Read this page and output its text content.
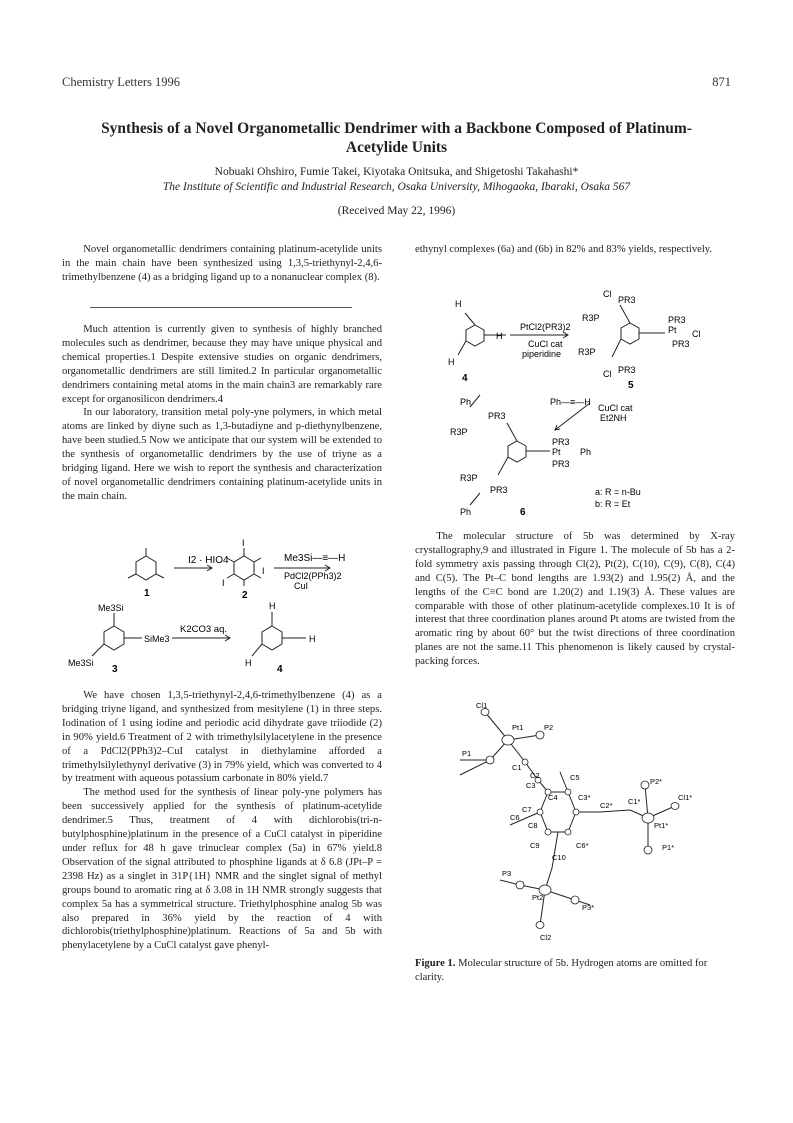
Chemistry Letters 1996	871
Synthesis of a Novel Organometallic Dendrimer with a Backbone Composed of Platinum-Acetylide Units
Nobuaki Ohshiro, Fumie Takei, Kiyotaka Onitsuka, and Shigetoshi Takahashi*
The Institute of Scientific and Industrial Research, Osaka University, Mihogaoka, Ibaraki, Osaka 567
(Received May 22, 1996)

Novel organometallic dendrimers containing platinum-acetylide units in the main chain have been synthesized using 1,3,5-triethynyl-2,4,6-trimethylbenzene (4) as a bridging ligand up to a nonanuclear complex (8).

Much attention is currently given to synthesis of highly branched molecules such as dendrimer, because they may have unique physical and chemical properties.1 Despite extensive studies on organic dendrimers, organometallic dendrimers are still limited.2 In particular organometallic dendrimers containing metal atoms in the main chain3 are remarkably rare except for organosilicon dendrimers.4

In our laboratory, transition metal poly-yne polymers, in which metal atoms are linked by diyne such as 1,3-butadiyne and p-diethynylbenzene, have been studied.5 Now we anticipate that our system will be extended to the synthesis of organometallic dendrimers by the use of triyne as a bridging ligand. Here we wish to report the synthesis and characterization of novel organometallic dendrimers containing platinum-acetylide units in the main chain.

I2 · HIO4	Me3Si—≡—H
PdCl2(PPh3)2
CuI
I
I
I
1	2
Me3Si
SiMe3
Me3Si
K2CO3 aq.
3
H
H
H
4

We have chosen 1,3,5-triethynyl-2,4,6-trimethylbenzene (4) as a bridging triyne ligand, and synthesized from mesitylene (1) in three steps. Iodination of 1 using iodine and periodic acid dihydrate gave triiodide (2) in 90% yield.6 Treatment of 2 with trimethylsilylacetylene in the presence of a PdCl2(PPh3)2–CuI catalyst in diethylamine afforded a trimethylsilylethynyl derivative (3) in 79% yield, which was converted to 4 by treatment with aqueous potassium carbonate in 80% yield.7

The method used for the synthesis of linear poly-yne polymers has been successively applied for the synthesis of platinum-acetylide dendrimer.5 Thus, treatment of 4 with dichlorobis(tri-n-butylphosphine)platinum in the presence of a CuCl catalyst in piperidine under reflux for 48 h gave trinuclear complex (5a) in 67% yield.8 Observation of the signal attributed to phosphine ligands at δ 6.8 (JPt–P = 2398 Hz) as a singlet in 31P{1H} NMR and the singlet signal of methyl groups bound to aromatic ring at δ 3.08 in 1H NMR strongly suggests that complex 5a has a symmetrical structure. Triethylphosphine analog 5b was also prepared in 36% yield by the reaction of 4 with dichlorobis(triethylphosphine)platinum. Reactions of 5a and 5b with phenylacetylene by a CuCl catalyst gave phenyl-

ethynyl complexes (6a) and (6b) in 82% and 83% yields, respectively.

H
H
H
PtCl2(PR3)2
CuCl cat
piperidine
4
Cl
PR3
R3P
Pt Cl
PR3
PR3
R3P
Cl PR3
5
Ph—≡—H
CuCl cat
Et2NH
Ph
PR3
R3P
PR3
Pt Ph
PR3
R3P
PR3
Ph	6
a: R = n-Bu
b: R = Et

The molecular structure of 5b was determined by X-ray crystallography,9 and illustrated in Figure 1. The molecule of 5b has a 2-fold symmetry axis passing through Cl(2), Pt(2), C(10), C(9), C(8), C(4) and C(5). The Pt–C bond lengths are 1.93(2) and 1.95(2) Å, and the lengths of the C≡C bond are 1.20(2) and 1.19(3) Å. These values are comparable with those of other platinum-acetylide complexes.10 It is of interest that three coordination planes around Pt atoms are twisted from the aromatic ring by about 60° but the twist directions of three coordination planes are not the same.11 This phenomenon is likely caused by crystal-packing forces.

Cl1
Pt1	P2
P1
C1
C2	C5
C3
C4	C3*
C7
C6
C8
C9
C10
C6*
C2* C1*
P2*
Pt1*
Cl1*
P1*
P3
Pt2
P3*
Cl2
Figure 1. Molecular structure of 5b. Hydrogen atoms are omitted for clarity.
